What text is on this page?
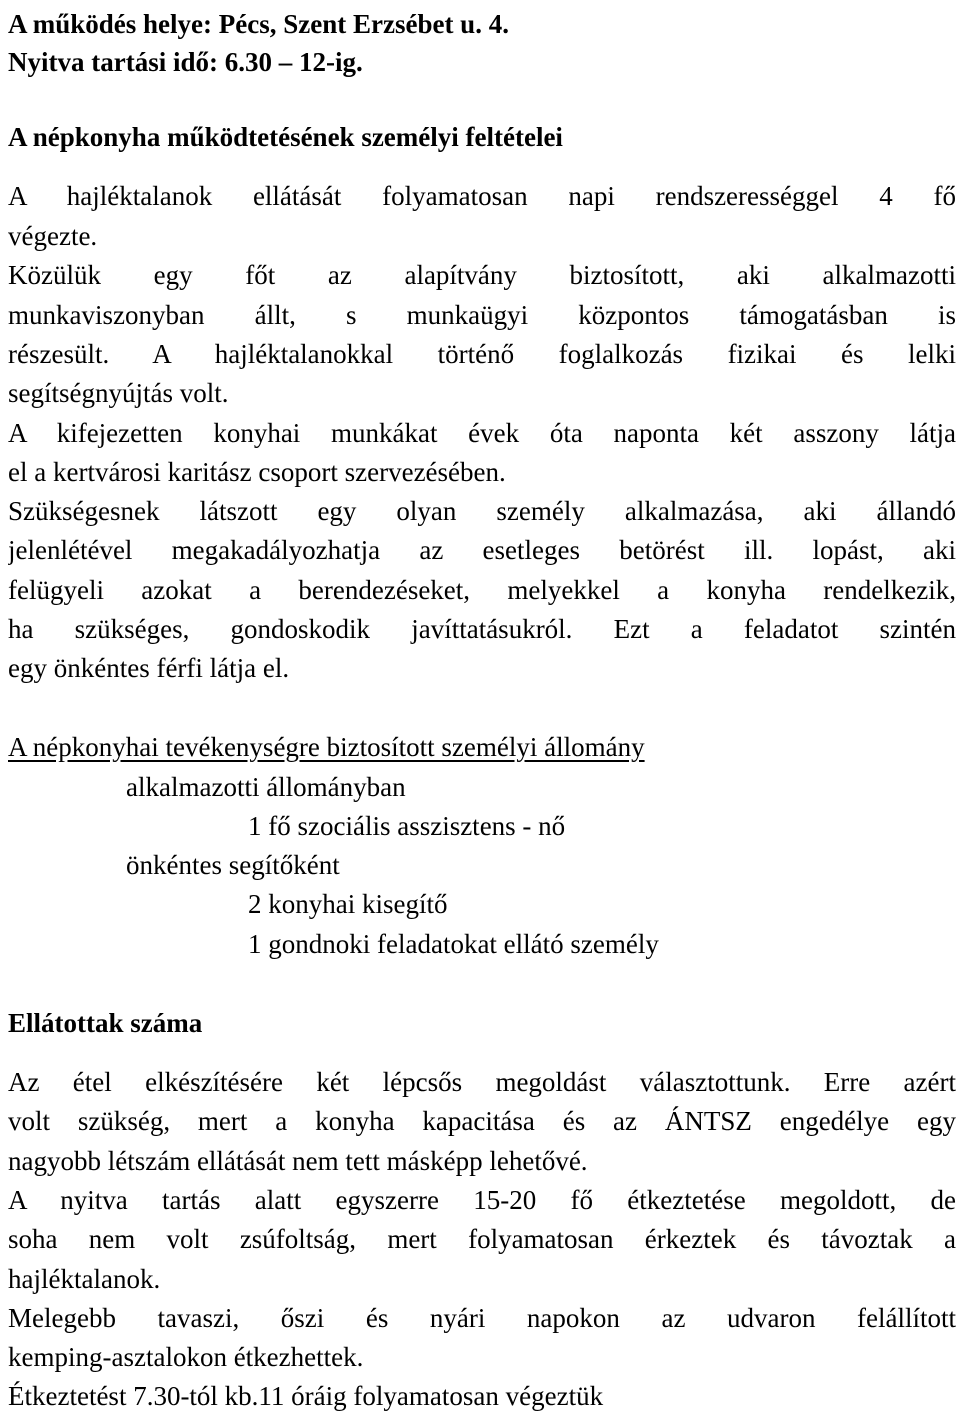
A működés helye: Pécs, Szent Erzsébet u. 4.
Nyitva tartási idő: 6.30 – 12-ig.
A népkonyha működtetésének személyi feltételei
A hajléktalanok ellátását folyamatosan napi rendszerességgel 4 fő
végezte.
Közülük egy főt az alapítvány biztosított, aki alkalmazotti
munkaviszonyban állt, s munkaügyi központos támogatásban is
részesült. A hajléktalanokkal történő foglalkozás fizikai és lelki
segítségnyújtás volt.
A kifejezetten konyhai munkákat évek óta naponta két asszony látja
el a kertvárosi karitász csoport szervezésében.
Szükségesnek látszott egy olyan személy alkalmazása, aki állandó
jelenlétével megakadályozhatja az esetleges betörést ill. lopást, aki
felügyeli azokat a berendezéseket, melyekkel a konyha rendelkezik,
ha szükséges, gondoskodik javíttatásukról. Ezt a feladatot szintén
egy önkéntes férfi látja el.
A népkonyhai tevékenységre biztosított személyi állomány
alkalmazotti állományban
1 fő szociális asszisztens - nő
önkéntes segítőként
2 konyhai kisegítő
1 gondnoki feladatokat ellátó személy
Ellátottak száma
Az étel elkészítésére két lépcsős megoldást választottunk. Erre azért
volt szükség, mert a konyha kapacitása és az ÁNTSZ engedélye egy
nagyobb létszám ellátását nem tett másképp lehetővé.
A nyitva tartás alatt egyszerre 15-20 fő étkeztetése megoldott, de
soha nem volt zsúfoltság, mert folyamatosan érkeztek és távoztak a
hajléktalanok.
Melegebb tavaszi, őszi és nyári napokon az udvaron felállított
kemping-asztalokon étkezhettek.
Étkeztetést 7.30-tól kb.11 óráig folyamatosan végeztük
